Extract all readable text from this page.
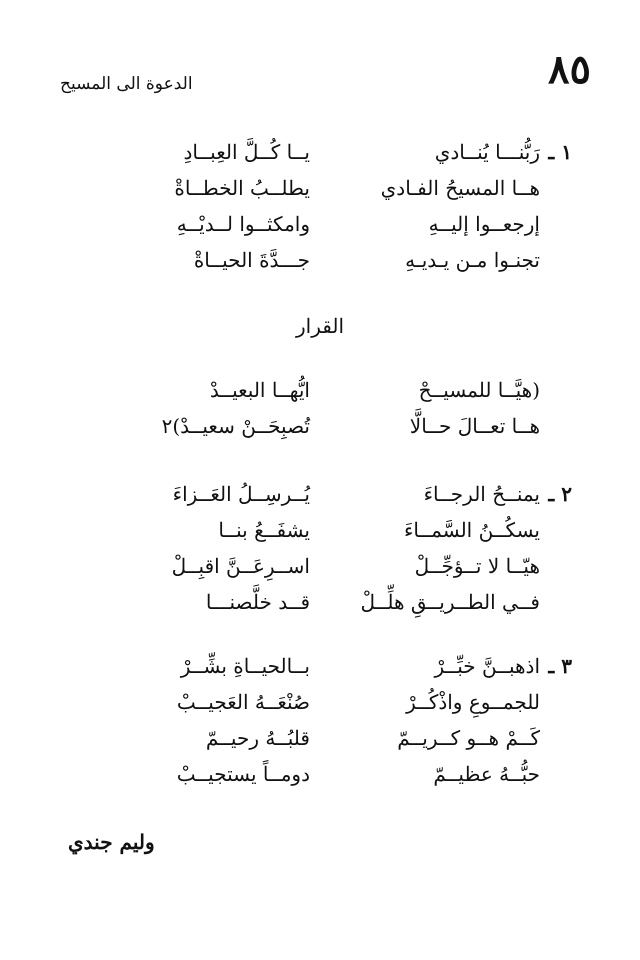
٨٥
الدعوة الى المسيح
١ ـ
رَبُّنـــا يُنــادي
يــا كُــلَّ العِبــادِ
هــا المسيحُ الفـادي
يطلــبُ الخطــاةْ
إرجعــوا إليــهِ
وامكثــوا لــديْــهِ
تجنـوا مـن يـديـهِ
جـــدَّةَ الحيــاةْ
القرار
(هيَّــا للمسيــحْ
ايُّهــا البعيــدْ
هــا تعــالَ حــالَّا
تُصبِحَــنْ سعيــدْ)٢
٢ ـ
يمنــحُ الرجــاءَ
يُــرسِــلُ العَــزاءَ
يسكُــنُ السَّمــاءَ
يشفَــعُ بنــا
هيّــا لا تــؤجِّــلْ
اســرِعَــنَّ اقبِــلْ
فــي الطــريــقِ هلِّــلْ
قــد خلَّصنـــا
٣ ـ
اذهبــنَّ خبِّــرْ
بــالحيــاةِ بشِّــرْ
للجمــوعِ واذْكُــرْ
صُنْعَــهُ العَجيــبْ
كَــمْ هــو كــريــمّ
قلبُــهُ رحيــمّ
حبُّــهُ عظيــمّ
دومــاً يستجيــبْ
وليم جندي
